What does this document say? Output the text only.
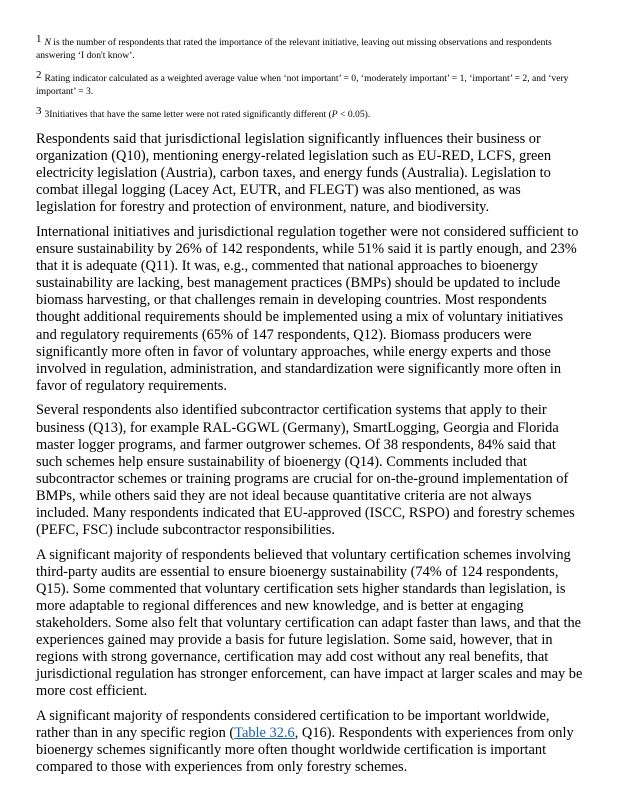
$^1$ N is the number of respondents that rated the importance of the relevant initiative, leaving out missing observations and respondents answering ‘I don't know’.

$^2$ Rating indicator calculated as a weighted average value when ‘not important’ = 0, ‘moderately important’ = 1, ‘important’ = 2, and ‘very important’ = 3.

$^3$ 3Initiatives that have the same letter were not rated significantly different (P < 0.05).

Respondents said that jurisdictional legislation significantly influences their business or organization (Q10), mentioning energy-related legislation such as EU-RED, LCFS, green electricity legislation (Austria), carbon taxes, and energy funds (Australia). Legislation to combat illegal logging (Lacey Act, EUTR, and FLEGT) was also mentioned, as was legislation for forestry and protection of environment, nature, and biodiversity.

International initiatives and jurisdictional regulation together were not considered sufficient to ensure sustainability by 26% of 142 respondents, while 51% said it is partly enough, and 23% that it is adequate (Q11). It was, e.g., commented that national approaches to bioenergy sustainability are lacking, best management practices (BMPs) should be updated to include biomass harvesting, or that challenges remain in developing countries. Most respondents thought additional requirements should be implemented using a mix of voluntary initiatives and regulatory requirements (65% of 147 respondents, Q12). Biomass producers were significantly more often in favor of voluntary approaches, while energy experts and those involved in regulation, administration, and standardization were significantly more often in favor of regulatory requirements.

Several respondents also identified subcontractor certification systems that apply to their business (Q13), for example RAL-GGWL (Germany), SmartLogging, Georgia and Florida master logger programs, and farmer outgrower schemes. Of 38 respondents, 84% said that such schemes help ensure sustainability of bioenergy (Q14). Comments included that subcontractor schemes or training programs are crucial for on-the-ground implementation of BMPs, while others said they are not ideal because quantitative criteria are not always included. Many respondents indicated that EU-approved (ISCC, RSPO) and forestry schemes (PEFC, FSC) include subcontractor responsibilities.

A significant majority of respondents believed that voluntary certification schemes involving third-party audits are essential to ensure bioenergy sustainability (74% of 124 respondents, Q15). Some commented that voluntary certification sets higher standards than legislation, is more adaptable to regional differences and new knowledge, and is better at engaging stakeholders. Some also felt that voluntary certification can adapt faster than laws, and that the experiences gained may provide a basis for future legislation. Some said, however, that in regions with strong governance, certification may add cost without any real benefits, that jurisdictional regulation has stronger enforcement, can have impact at larger scales and may be more cost efficient.

A significant majority of respondents considered certification to be important worldwide, rather than in any specific region (Table 32.6, Q16). Respondents with experiences from only bioenergy schemes significantly more often thought worldwide certification is important compared to those with experiences from only forestry schemes.
